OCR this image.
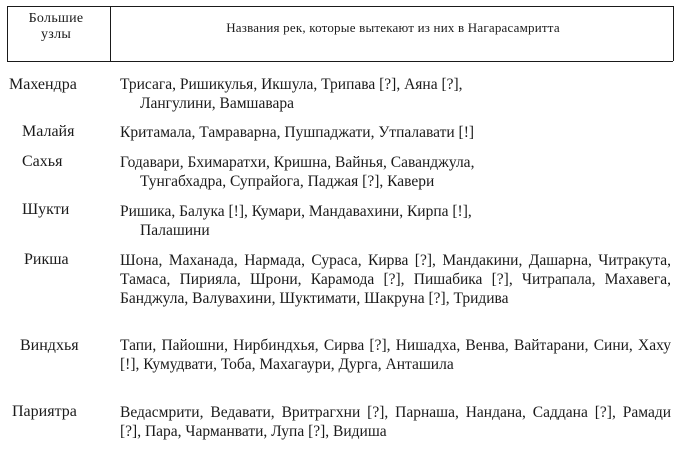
Большие
узлы	Названия рек, которые вытекают из них в Нагарасамритта
Махендра	Трисага, Ришикулья, Икшула, Трипава [?], Аяна [?],
Лангулини, Вамшавара
Малайя	Критамала, Тамраварна, Пушпаджати, Утпалавати [!]
Сахья	Годавари, Бхимаратхи, Кришна, Вайнья, Саванджула,
Тунгабхадра, Супрайога, Паджая [?], Кавери
Шукти	Ришика, Балука [!], Кумари, Мандавахини, Кирпа [!],
Палашини
Рикша	Шона, Маханада, Нармада, Сураса, Кирва [?], Мандакини, Дашарна, Читракута, Тамаса, Пирияла, Шрони, Карамода [?], Пишабика [?], Читрапала, Махавега, Банджула, Валувахини, Шуктимати, Шакруна [?], Тридива
Виндхья	Тапи, Пайошни, Нирбиндхья, Сирва [?], Нишадха, Венва, Вайтарани, Сини, Хаху [!], Кумудвати, Тоба, Махагаури, Дурга, Анташила
Париятра	Ведасмрити, Ведавати, Вритрагхни [?], Парнаша, Нандана, Саддана [?], Рамади [?], Пара, Чарманвати, Лупа [?], Видиша
